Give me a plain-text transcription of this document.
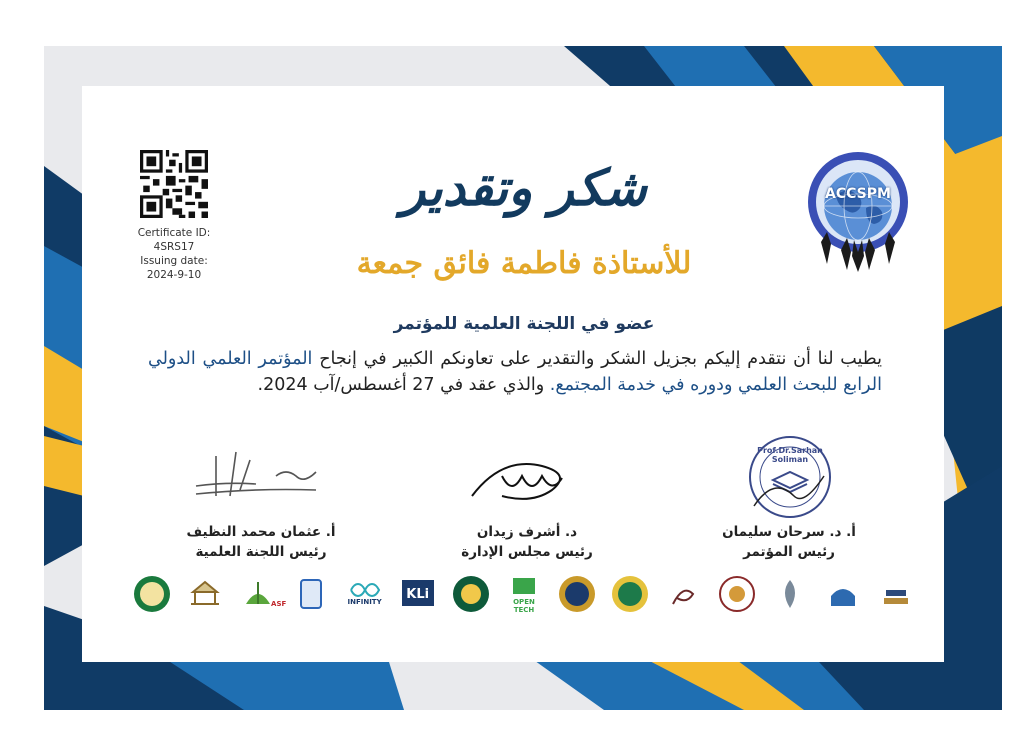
Certificate ID:
4SRS17
Issuing date:
2024-9-10
ACCSPM
شكر وتقدير
للأستاذة فاطمة فائق جمعة
عضو في اللجنة العلمية للمؤتمر
يطيب لنا أن نتقدم إليكم بجزيل الشكر والتقدير على تعاونكم الكبير في إنجاح المؤتمر العلمي الدولي الرابع للبحث العلمي ودوره في خدمة المجتمع. والذي عقد في 27 أغسطس/آب 2024.
Prof.Dr.Sarhan Soliman
أ. د. سرحان سليمان
رئيس المؤتمر
د. أشرف زيدان
رئيس مجلس الإدارة
أ. عثمان محمد النظيف
رئيس اللجنة العلمية
ASF	INFINITY
KLi
OPEN TECH
